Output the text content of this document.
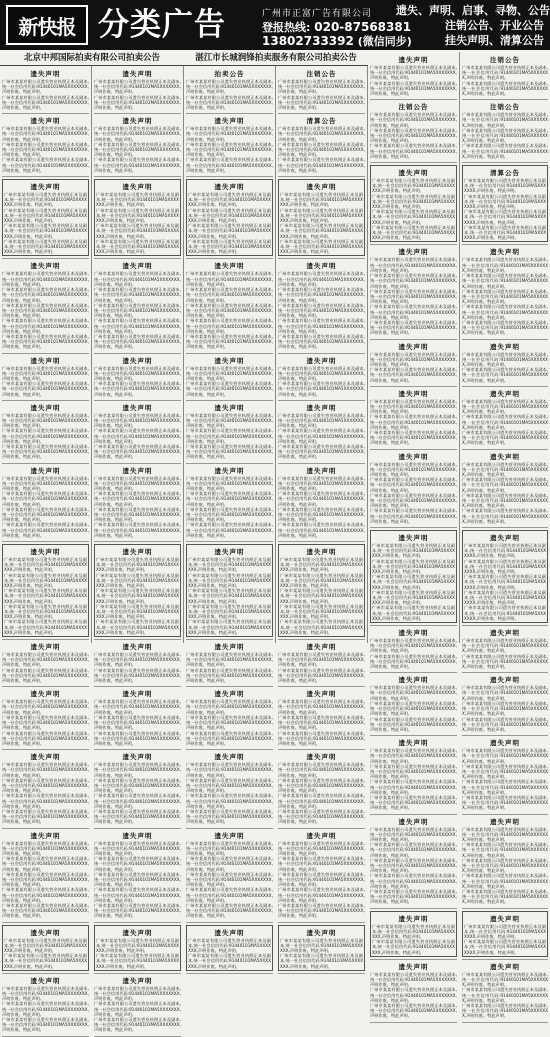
新快报 分类广告	广州市正富广告有限公司
登报热线: 020-87568381
13802733392 (微信同步)
遗失、声明、启事、寻物、公告
注销公告、开业公告
挂失声明、清算公告
北京中邦国际拍卖有限公司拍卖公告	湛江市长城润锋拍卖服务有限公司拍卖公告
遗失声明

广州市某某有限公司遗失营业执照正本及副本,统一社会信用代码:91440101MA5XXXXXXX,声明作废。特此声明。

广州市某某有限公司遗失营业执照正本及副本,统一社会信用代码:91440101MA5XXXXXXX,声明作废。特此声明。

遗失声明

广州市某某有限公司遗失营业执照正本及副本,统一社会信用代码:91440101MA5XXXXXXX,声明作废。特此声明。

广州市某某有限公司遗失营业执照正本及副本,统一社会信用代码:91440101MA5XXXXXXX,声明作废。特此声明。

广州市某某有限公司遗失营业执照正本及副本,统一社会信用代码:91440101MA5XXXXXXX,声明作废。特此声明。

遗失声明

广州市某某有限公司遗失营业执照正本及副本,统一社会信用代码:91440101MA5XXXXXXX,声明作废。特此声明。

广州市某某有限公司遗失营业执照正本及副本,统一社会信用代码:91440101MA5XXXXXXX,声明作废。特此声明。

广州市某某有限公司遗失营业执照正本及副本,统一社会信用代码:91440101MA5XXXXXXX,声明作废。特此声明。

广州市某某有限公司遗失营业执照正本及副本,统一社会信用代码:91440101MA5XXXXXXX,声明作废。特此声明。

遗失声明

广州市某某有限公司遗失营业执照正本及副本,统一社会信用代码:91440101MA5XXXXXXX,声明作废。特此声明。

广州市某某有限公司遗失营业执照正本及副本,统一社会信用代码:91440101MA5XXXXXXX,声明作废。特此声明。

广州市某某有限公司遗失营业执照正本及副本,统一社会信用代码:91440101MA5XXXXXXX,声明作废。特此声明。

广州市某某有限公司遗失营业执照正本及副本,统一社会信用代码:91440101MA5XXXXXXX,声明作废。特此声明。

广州市某某有限公司遗失营业执照正本及副本,统一社会信用代码:91440101MA5XXXXXXX,声明作废。特此声明。

遗失声明

广州市某某有限公司遗失营业执照正本及副本,统一社会信用代码:91440101MA5XXXXXXX,声明作废。特此声明。

广州市某某有限公司遗失营业执照正本及副本,统一社会信用代码:91440101MA5XXXXXXX,声明作废。特此声明。

遗失声明

广州市某某有限公司遗失营业执照正本及副本,统一社会信用代码:91440101MA5XXXXXXX,声明作废。特此声明。

广州市某某有限公司遗失营业执照正本及副本,统一社会信用代码:91440101MA5XXXXXXX,声明作废。特此声明。

广州市某某有限公司遗失营业执照正本及副本,统一社会信用代码:91440101MA5XXXXXXX,声明作废。特此声明。

遗失声明

广州市某某有限公司遗失营业执照正本及副本,统一社会信用代码:91440101MA5XXXXXXX,声明作废。特此声明。

广州市某某有限公司遗失营业执照正本及副本,统一社会信用代码:91440101MA5XXXXXXX,声明作废。特此声明。

广州市某某有限公司遗失营业执照正本及副本,统一社会信用代码:91440101MA5XXXXXXX,声明作废。特此声明。

广州市某某有限公司遗失营业执照正本及副本,统一社会信用代码:91440101MA5XXXXXXX,声明作废。特此声明。

遗失声明

广州市某某有限公司遗失营业执照正本及副本,统一社会信用代码:91440101MA5XXXXXXX,声明作废。特此声明。

广州市某某有限公司遗失营业执照正本及副本,统一社会信用代码:91440101MA5XXXXXXX,声明作废。特此声明。

广州市某某有限公司遗失营业执照正本及副本,统一社会信用代码:91440101MA5XXXXXXX,声明作废。特此声明。

广州市某某有限公司遗失营业执照正本及副本,统一社会信用代码:91440101MA5XXXXXXX,声明作废。特此声明。

广州市某某有限公司遗失营业执照正本及副本,统一社会信用代码:91440101MA5XXXXXXX,声明作废。特此声明。

遗失声明

广州市某某有限公司遗失营业执照正本及副本,统一社会信用代码:91440101MA5XXXXXXX,声明作废。特此声明。

广州市某某有限公司遗失营业执照正本及副本,统一社会信用代码:91440101MA5XXXXXXX,声明作废。特此声明。

遗失声明

广州市某某有限公司遗失营业执照正本及副本,统一社会信用代码:91440101MA5XXXXXXX,声明作废。特此声明。

广州市某某有限公司遗失营业执照正本及副本,统一社会信用代码:91440101MA5XXXXXXX,声明作废。特此声明。

广州市某某有限公司遗失营业执照正本及副本,统一社会信用代码:91440101MA5XXXXXXX,声明作废。特此声明。

遗失声明

广州市某某有限公司遗失营业执照正本及副本,统一社会信用代码:91440101MA5XXXXXXX,声明作废。特此声明。

广州市某某有限公司遗失营业执照正本及副本,统一社会信用代码:91440101MA5XXXXXXX,声明作废。特此声明。

广州市某某有限公司遗失营业执照正本及副本,统一社会信用代码:91440101MA5XXXXXXX,声明作废。特此声明。

广州市某某有限公司遗失营业执照正本及副本,统一社会信用代码:91440101MA5XXXXXXX,声明作废。特此声明。

遗失声明

广州市某某有限公司遗失营业执照正本及副本,统一社会信用代码:91440101MA5XXXXXXX,声明作废。特此声明。

广州市某某有限公司遗失营业执照正本及副本,统一社会信用代码:91440101MA5XXXXXXX,声明作废。特此声明。

广州市某某有限公司遗失营业执照正本及副本,统一社会信用代码:91440101MA5XXXXXXX,声明作废。特此声明。

广州市某某有限公司遗失营业执照正本及副本,统一社会信用代码:91440101MA5XXXXXXX,声明作废。特此声明。

广州市某某有限公司遗失营业执照正本及副本,统一社会信用代码:91440101MA5XXXXXXX,声明作废。特此声明。

遗失声明

广州市某某有限公司遗失营业执照正本及副本,统一社会信用代码:91440101MA5XXXXXXX,声明作废。特此声明。

广州市某某有限公司遗失营业执照正本及副本,统一社会信用代码:91440101MA5XXXXXXX,声明作废。特此声明。

遗失声明

广州市某某有限公司遗失营业执照正本及副本,统一社会信用代码:91440101MA5XXXXXXX,声明作废。特此声明。

广州市某某有限公司遗失营业执照正本及副本,统一社会信用代码:91440101MA5XXXXXXX,声明作废。特此声明。

广州市某某有限公司遗失营业执照正本及副本,统一社会信用代码:91440101MA5XXXXXXX,声明作废。特此声明。

遗失声明

广州市某某有限公司遗失营业执照正本及副本,统一社会信用代码:91440101MA5XXXXXXX,声明作废。特此声明。

广州市某某有限公司遗失营业执照正本及副本,统一社会信用代码:91440101MA5XXXXXXX,声明作废。特此声明。

遗失声明

广州市某某有限公司遗失营业执照正本及副本,统一社会信用代码:91440101MA5XXXXXXX,声明作废。特此声明。

广州市某某有限公司遗失营业执照正本及副本,统一社会信用代码:91440101MA5XXXXXXX,声明作废。特此声明。

广州市某某有限公司遗失营业执照正本及副本,统一社会信用代码:91440101MA5XXXXXXX,声明作废。特此声明。

遗失声明

广州市某某有限公司遗失营业执照正本及副本,统一社会信用代码:91440101MA5XXXXXXX,声明作废。特此声明。

广州市某某有限公司遗失营业执照正本及副本,统一社会信用代码:91440101MA5XXXXXXX,声明作废。特此声明。

广州市某某有限公司遗失营业执照正本及副本,统一社会信用代码:91440101MA5XXXXXXX,声明作废。特此声明。

广州市某某有限公司遗失营业执照正本及副本,统一社会信用代码:91440101MA5XXXXXXX,声明作废。特此声明。

遗失声明

广州市某某有限公司遗失营业执照正本及副本,统一社会信用代码:91440101MA5XXXXXXX,声明作废。特此声明。

广州市某某有限公司遗失营业执照正本及副本,统一社会信用代码:91440101MA5XXXXXXX,声明作废。特此声明。

广州市某某有限公司遗失营业执照正本及副本,统一社会信用代码:91440101MA5XXXXXXX,声明作废。特此声明。

广州市某某有限公司遗失营业执照正本及副本,统一社会信用代码:91440101MA5XXXXXXX,声明作废。特此声明。

广州市某某有限公司遗失营业执照正本及副本,统一社会信用代码:91440101MA5XXXXXXX,声明作废。特此声明。

遗失声明

广州市某某有限公司遗失营业执照正本及副本,统一社会信用代码:91440101MA5XXXXXXX,声明作废。特此声明。

广州市某某有限公司遗失营业执照正本及副本,统一社会信用代码:91440101MA5XXXXXXX,声明作废。特此声明。

遗失声明

广州市某某有限公司遗失营业执照正本及副本,统一社会信用代码:91440101MA5XXXXXXX,声明作废。特此声明。

广州市某某有限公司遗失营业执照正本及副本,统一社会信用代码:91440101MA5XXXXXXX,声明作废。特此声明。

广州市某某有限公司遗失营业执照正本及副本,统一社会信用代码:91440101MA5XXXXXXX,声明作废。特此声明。

遗失声明

广州市某某有限公司遗失营业执照正本及副本,统一社会信用代码:91440101MA5XXXXXXX,声明作废。特此声明。

广州市某某有限公司遗失营业执照正本及副本,统一社会信用代码:91440101MA5XXXXXXX,声明作废。特此声明。

广州市某某有限公司遗失营业执照正本及副本,统一社会信用代码:91440101MA5XXXXXXX,声明作废。特此声明。

广州市某某有限公司遗失营业执照正本及副本,统一社会信用代码:91440101MA5XXXXXXX,声明作废。特此声明。

遗失声明

广州市某某有限公司遗失营业执照正本及副本,统一社会信用代码:91440101MA5XXXXXXX,声明作废。特此声明。

广州市某某有限公司遗失营业执照正本及副本,统一社会信用代码:91440101MA5XXXXXXX,声明作废。特此声明。

广州市某某有限公司遗失营业执照正本及副本,统一社会信用代码:91440101MA5XXXXXXX,声明作废。特此声明。

广州市某某有限公司遗失营业执照正本及副本,统一社会信用代码:91440101MA5XXXXXXX,声明作废。特此声明。

广州市某某有限公司遗失营业执照正本及副本,统一社会信用代码:91440101MA5XXXXXXX,声明作废。特此声明。

遗失声明

广州市某某有限公司遗失营业执照正本及副本,统一社会信用代码:91440101MA5XXXXXXX,声明作废。特此声明。

广州市某某有限公司遗失营业执照正本及副本,统一社会信用代码:91440101MA5XXXXXXX,声明作废。特此声明。

遗失声明

广州市某某有限公司遗失营业执照正本及副本,统一社会信用代码:91440101MA5XXXXXXX,声明作废。特此声明。

广州市某某有限公司遗失营业执照正本及副本,统一社会信用代码:91440101MA5XXXXXXX,声明作废。特此声明。

广州市某某有限公司遗失营业执照正本及副本,统一社会信用代码:91440101MA5XXXXXXX,声明作废。特此声明。

遗失声明

广州市某某有限公司遗失营业执照正本及副本,统一社会信用代码:91440101MA5XXXXXXX,声明作废。特此声明。

广州市某某有限公司遗失营业执照正本及副本,统一社会信用代码:91440101MA5XXXXXXX,声明作废。特此声明。

广州市某某有限公司遗失营业执照正本及副本,统一社会信用代码:91440101MA5XXXXXXX,声明作废。特此声明。

广州市某某有限公司遗失营业执照正本及副本,统一社会信用代码:91440101MA5XXXXXXX,声明作废。特此声明。

遗失声明

广州市某某有限公司遗失营业执照正本及副本,统一社会信用代码:91440101MA5XXXXXXX,声明作废。特此声明。

广州市某某有限公司遗失营业执照正本及副本,统一社会信用代码:91440101MA5XXXXXXX,声明作废。特此声明。

广州市某某有限公司遗失营业执照正本及副本,统一社会信用代码:91440101MA5XXXXXXX,声明作废。特此声明。

广州市某某有限公司遗失营业执照正本及副本,统一社会信用代码:91440101MA5XXXXXXX,声明作废。特此声明。

广州市某某有限公司遗失营业执照正本及副本,统一社会信用代码:91440101MA5XXXXXXX,声明作废。特此声明。

遗失声明

广州市某某有限公司遗失营业执照正本及副本,统一社会信用代码:91440101MA5XXXXXXX,声明作废。特此声明。

广州市某某有限公司遗失营业执照正本及副本,统一社会信用代码:91440101MA5XXXXXXX,声明作废。特此声明。

遗失声明

广州市某某有限公司遗失营业执照正本及副本,统一社会信用代码:91440101MA5XXXXXXX,声明作废。特此声明。

广州市某某有限公司遗失营业执照正本及副本,统一社会信用代码:91440101MA5XXXXXXX,声明作废。特此声明。

广州市某某有限公司遗失营业执照正本及副本,统一社会信用代码:91440101MA5XXXXXXX,声明作废。特此声明。

拍卖公告

广州市某某有限公司遗失营业执照正本及副本,统一社会信用代码:91440101MA5XXXXXXX,声明作废。特此声明。

广州市某某有限公司遗失营业执照正本及副本,统一社会信用代码:91440101MA5XXXXXXX,声明作废。特此声明。

遗失声明

广州市某某有限公司遗失营业执照正本及副本,统一社会信用代码:91440101MA5XXXXXXX,声明作废。特此声明。

广州市某某有限公司遗失营业执照正本及副本,统一社会信用代码:91440101MA5XXXXXXX,声明作废。特此声明。

广州市某某有限公司遗失营业执照正本及副本,统一社会信用代码:91440101MA5XXXXXXX,声明作废。特此声明。

遗失声明

广州市某某有限公司遗失营业执照正本及副本,统一社会信用代码:91440101MA5XXXXXXX,声明作废。特此声明。

广州市某某有限公司遗失营业执照正本及副本,统一社会信用代码:91440101MA5XXXXXXX,声明作废。特此声明。

广州市某某有限公司遗失营业执照正本及副本,统一社会信用代码:91440101MA5XXXXXXX,声明作废。特此声明。

广州市某某有限公司遗失营业执照正本及副本,统一社会信用代码:91440101MA5XXXXXXX,声明作废。特此声明。

遗失声明

广州市某某有限公司遗失营业执照正本及副本,统一社会信用代码:91440101MA5XXXXXXX,声明作废。特此声明。

广州市某某有限公司遗失营业执照正本及副本,统一社会信用代码:91440101MA5XXXXXXX,声明作废。特此声明。

广州市某某有限公司遗失营业执照正本及副本,统一社会信用代码:91440101MA5XXXXXXX,声明作废。特此声明。

广州市某某有限公司遗失营业执照正本及副本,统一社会信用代码:91440101MA5XXXXXXX,声明作废。特此声明。

广州市某某有限公司遗失营业执照正本及副本,统一社会信用代码:91440101MA5XXXXXXX,声明作废。特此声明。

遗失声明

广州市某某有限公司遗失营业执照正本及副本,统一社会信用代码:91440101MA5XXXXXXX,声明作废。特此声明。

广州市某某有限公司遗失营业执照正本及副本,统一社会信用代码:91440101MA5XXXXXXX,声明作废。特此声明。

遗失声明

广州市某某有限公司遗失营业执照正本及副本,统一社会信用代码:91440101MA5XXXXXXX,声明作废。特此声明。

广州市某某有限公司遗失营业执照正本及副本,统一社会信用代码:91440101MA5XXXXXXX,声明作废。特此声明。

广州市某某有限公司遗失营业执照正本及副本,统一社会信用代码:91440101MA5XXXXXXX,声明作废。特此声明。

遗失声明

广州市某某有限公司遗失营业执照正本及副本,统一社会信用代码:91440101MA5XXXXXXX,声明作废。特此声明。

广州市某某有限公司遗失营业执照正本及副本,统一社会信用代码:91440101MA5XXXXXXX,声明作废。特此声明。

广州市某某有限公司遗失营业执照正本及副本,统一社会信用代码:91440101MA5XXXXXXX,声明作废。特此声明。

广州市某某有限公司遗失营业执照正本及副本,统一社会信用代码:91440101MA5XXXXXXX,声明作废。特此声明。

遗失声明

广州市某某有限公司遗失营业执照正本及副本,统一社会信用代码:91440101MA5XXXXXXX,声明作废。特此声明。

广州市某某有限公司遗失营业执照正本及副本,统一社会信用代码:91440101MA5XXXXXXX,声明作废。特此声明。

广州市某某有限公司遗失营业执照正本及副本,统一社会信用代码:91440101MA5XXXXXXX,声明作废。特此声明。

广州市某某有限公司遗失营业执照正本及副本,统一社会信用代码:91440101MA5XXXXXXX,声明作废。特此声明。

广州市某某有限公司遗失营业执照正本及副本,统一社会信用代码:91440101MA5XXXXXXX,声明作废。特此声明。

遗失声明

广州市某某有限公司遗失营业执照正本及副本,统一社会信用代码:91440101MA5XXXXXXX,声明作废。特此声明。

广州市某某有限公司遗失营业执照正本及副本,统一社会信用代码:91440101MA5XXXXXXX,声明作废。特此声明。

遗失声明

广州市某某有限公司遗失营业执照正本及副本,统一社会信用代码:91440101MA5XXXXXXX,声明作废。特此声明。

广州市某某有限公司遗失营业执照正本及副本,统一社会信用代码:91440101MA5XXXXXXX,声明作废。特此声明。

广州市某某有限公司遗失营业执照正本及副本,统一社会信用代码:91440101MA5XXXXXXX,声明作废。特此声明。

遗失声明

广州市某某有限公司遗失营业执照正本及副本,统一社会信用代码:91440101MA5XXXXXXX,声明作废。特此声明。

广州市某某有限公司遗失营业执照正本及副本,统一社会信用代码:91440101MA5XXXXXXX,声明作废。特此声明。

广州市某某有限公司遗失营业执照正本及副本,统一社会信用代码:91440101MA5XXXXXXX,声明作废。特此声明。

广州市某某有限公司遗失营业执照正本及副本,统一社会信用代码:91440101MA5XXXXXXX,声明作废。特此声明。

遗失声明

广州市某某有限公司遗失营业执照正本及副本,统一社会信用代码:91440101MA5XXXXXXX,声明作废。特此声明。

广州市某某有限公司遗失营业执照正本及副本,统一社会信用代码:91440101MA5XXXXXXX,声明作废。特此声明。

广州市某某有限公司遗失营业执照正本及副本,统一社会信用代码:91440101MA5XXXXXXX,声明作废。特此声明。

广州市某某有限公司遗失营业执照正本及副本,统一社会信用代码:91440101MA5XXXXXXX,声明作废。特此声明。

广州市某某有限公司遗失营业执照正本及副本,统一社会信用代码:91440101MA5XXXXXXX,声明作废。特此声明。

遗失声明

广州市某某有限公司遗失营业执照正本及副本,统一社会信用代码:91440101MA5XXXXXXX,声明作废。特此声明。

广州市某某有限公司遗失营业执照正本及副本,统一社会信用代码:91440101MA5XXXXXXX,声明作废。特此声明。

注销公告

广州市某某有限公司遗失营业执照正本及副本,统一社会信用代码:91440101MA5XXXXXXX,声明作废。特此声明。

广州市某某有限公司遗失营业执照正本及副本,统一社会信用代码:91440101MA5XXXXXXX,声明作废。特此声明。

清算公告

广州市某某有限公司遗失营业执照正本及副本,统一社会信用代码:91440101MA5XXXXXXX,声明作废。特此声明。

广州市某某有限公司遗失营业执照正本及副本,统一社会信用代码:91440101MA5XXXXXXX,声明作废。特此声明。

广州市某某有限公司遗失营业执照正本及副本,统一社会信用代码:91440101MA5XXXXXXX,声明作废。特此声明。

遗失声明

广州市某某有限公司遗失营业执照正本及副本,统一社会信用代码:91440101MA5XXXXXXX,声明作废。特此声明。

广州市某某有限公司遗失营业执照正本及副本,统一社会信用代码:91440101MA5XXXXXXX,声明作废。特此声明。

广州市某某有限公司遗失营业执照正本及副本,统一社会信用代码:91440101MA5XXXXXXX,声明作废。特此声明。

广州市某某有限公司遗失营业执照正本及副本,统一社会信用代码:91440101MA5XXXXXXX,声明作废。特此声明。

遗失声明

广州市某某有限公司遗失营业执照正本及副本,统一社会信用代码:91440101MA5XXXXXXX,声明作废。特此声明。

广州市某某有限公司遗失营业执照正本及副本,统一社会信用代码:91440101MA5XXXXXXX,声明作废。特此声明。

广州市某某有限公司遗失营业执照正本及副本,统一社会信用代码:91440101MA5XXXXXXX,声明作废。特此声明。

广州市某某有限公司遗失营业执照正本及副本,统一社会信用代码:91440101MA5XXXXXXX,声明作废。特此声明。

广州市某某有限公司遗失营业执照正本及副本,统一社会信用代码:91440101MA5XXXXXXX,声明作废。特此声明。

遗失声明

广州市某某有限公司遗失营业执照正本及副本,统一社会信用代码:91440101MA5XXXXXXX,声明作废。特此声明。

广州市某某有限公司遗失营业执照正本及副本,统一社会信用代码:91440101MA5XXXXXXX,声明作废。特此声明。

遗失声明

广州市某某有限公司遗失营业执照正本及副本,统一社会信用代码:91440101MA5XXXXXXX,声明作废。特此声明。

广州市某某有限公司遗失营业执照正本及副本,统一社会信用代码:91440101MA5XXXXXXX,声明作废。特此声明。

广州市某某有限公司遗失营业执照正本及副本,统一社会信用代码:91440101MA5XXXXXXX,声明作废。特此声明。

遗失声明

广州市某某有限公司遗失营业执照正本及副本,统一社会信用代码:91440101MA5XXXXXXX,声明作废。特此声明。

广州市某某有限公司遗失营业执照正本及副本,统一社会信用代码:91440101MA5XXXXXXX,声明作废。特此声明。

广州市某某有限公司遗失营业执照正本及副本,统一社会信用代码:91440101MA5XXXXXXX,声明作废。特此声明。

广州市某某有限公司遗失营业执照正本及副本,统一社会信用代码:91440101MA5XXXXXXX,声明作废。特此声明。

遗失声明

广州市某某有限公司遗失营业执照正本及副本,统一社会信用代码:91440101MA5XXXXXXX,声明作废。特此声明。

广州市某某有限公司遗失营业执照正本及副本,统一社会信用代码:91440101MA5XXXXXXX,声明作废。特此声明。

广州市某某有限公司遗失营业执照正本及副本,统一社会信用代码:91440101MA5XXXXXXX,声明作废。特此声明。

广州市某某有限公司遗失营业执照正本及副本,统一社会信用代码:91440101MA5XXXXXXX,声明作废。特此声明。

广州市某某有限公司遗失营业执照正本及副本,统一社会信用代码:91440101MA5XXXXXXX,声明作废。特此声明。

遗失声明

广州市某某有限公司遗失营业执照正本及副本,统一社会信用代码:91440101MA5XXXXXXX,声明作废。特此声明。

广州市某某有限公司遗失营业执照正本及副本,统一社会信用代码:91440101MA5XXXXXXX,声明作废。特此声明。

遗失声明

广州市某某有限公司遗失营业执照正本及副本,统一社会信用代码:91440101MA5XXXXXXX,声明作废。特此声明。

广州市某某有限公司遗失营业执照正本及副本,统一社会信用代码:91440101MA5XXXXXXX,声明作废。特此声明。

广州市某某有限公司遗失营业执照正本及副本,统一社会信用代码:91440101MA5XXXXXXX,声明作废。特此声明。

遗失声明

广州市某某有限公司遗失营业执照正本及副本,统一社会信用代码:91440101MA5XXXXXXX,声明作废。特此声明。

广州市某某有限公司遗失营业执照正本及副本,统一社会信用代码:91440101MA5XXXXXXX,声明作废。特此声明。

广州市某某有限公司遗失营业执照正本及副本,统一社会信用代码:91440101MA5XXXXXXX,声明作废。特此声明。

广州市某某有限公司遗失营业执照正本及副本,统一社会信用代码:91440101MA5XXXXXXX,声明作废。特此声明。

遗失声明

广州市某某有限公司遗失营业执照正本及副本,统一社会信用代码:91440101MA5XXXXXXX,声明作废。特此声明。

广州市某某有限公司遗失营业执照正本及副本,统一社会信用代码:91440101MA5XXXXXXX,声明作废。特此声明。

广州市某某有限公司遗失营业执照正本及副本,统一社会信用代码:91440101MA5XXXXXXX,声明作废。特此声明。

广州市某某有限公司遗失营业执照正本及副本,统一社会信用代码:91440101MA5XXXXXXX,声明作废。特此声明。

广州市某某有限公司遗失营业执照正本及副本,统一社会信用代码:91440101MA5XXXXXXX,声明作废。特此声明。

遗失声明

广州市某某有限公司遗失营业执照正本及副本,统一社会信用代码:91440101MA5XXXXXXX,声明作废。特此声明。

广州市某某有限公司遗失营业执照正本及副本,统一社会信用代码:91440101MA5XXXXXXX,声明作废。特此声明。

遗失声明

广州市某某有限公司遗失营业执照正本及副本,统一社会信用代码:91440101MA5XXXXXXX,声明作废。特此声明。

广州市某某有限公司遗失营业执照正本及副本,统一社会信用代码:91440101MA5XXXXXXX,声明作废。特此声明。

注销公告

广州市某某有限公司遗失营业执照正本及副本,统一社会信用代码:91440101MA5XXXXXXX,声明作废。特此声明。

广州市某某有限公司遗失营业执照正本及副本,统一社会信用代码:91440101MA5XXXXXXX,声明作废。特此声明。

广州市某某有限公司遗失营业执照正本及副本,统一社会信用代码:91440101MA5XXXXXXX,声明作废。特此声明。

遗失声明

广州市某某有限公司遗失营业执照正本及副本,统一社会信用代码:91440101MA5XXXXXXX,声明作废。特此声明。

广州市某某有限公司遗失营业执照正本及副本,统一社会信用代码:91440101MA5XXXXXXX,声明作废。特此声明。

广州市某某有限公司遗失营业执照正本及副本,统一社会信用代码:91440101MA5XXXXXXX,声明作废。特此声明。

广州市某某有限公司遗失营业执照正本及副本,统一社会信用代码:91440101MA5XXXXXXX,声明作废。特此声明。

遗失声明

广州市某某有限公司遗失营业执照正本及副本,统一社会信用代码:91440101MA5XXXXXXX,声明作废。特此声明。

广州市某某有限公司遗失营业执照正本及副本,统一社会信用代码:91440101MA5XXXXXXX,声明作废。特此声明。

广州市某某有限公司遗失营业执照正本及副本,统一社会信用代码:91440101MA5XXXXXXX,声明作废。特此声明。

广州市某某有限公司遗失营业执照正本及副本,统一社会信用代码:91440101MA5XXXXXXX,声明作废。特此声明。

广州市某某有限公司遗失营业执照正本及副本,统一社会信用代码:91440101MA5XXXXXXX,声明作废。特此声明。

遗失声明

广州市某某有限公司遗失营业执照正本及副本,统一社会信用代码:91440101MA5XXXXXXX,声明作废。特此声明。

广州市某某有限公司遗失营业执照正本及副本,统一社会信用代码:91440101MA5XXXXXXX,声明作废。特此声明。

遗失声明

广州市某某有限公司遗失营业执照正本及副本,统一社会信用代码:91440101MA5XXXXXXX,声明作废。特此声明。

广州市某某有限公司遗失营业执照正本及副本,统一社会信用代码:91440101MA5XXXXXXX,声明作废。特此声明。

广州市某某有限公司遗失营业执照正本及副本,统一社会信用代码:91440101MA5XXXXXXX,声明作废。特此声明。

遗失声明

广州市某某有限公司遗失营业执照正本及副本,统一社会信用代码:91440101MA5XXXXXXX,声明作废。特此声明。

广州市某某有限公司遗失营业执照正本及副本,统一社会信用代码:91440101MA5XXXXXXX,声明作废。特此声明。

广州市某某有限公司遗失营业执照正本及副本,统一社会信用代码:91440101MA5XXXXXXX,声明作废。特此声明。

广州市某某有限公司遗失营业执照正本及副本,统一社会信用代码:91440101MA5XXXXXXX,声明作废。特此声明。

遗失声明

广州市某某有限公司遗失营业执照正本及副本,统一社会信用代码:91440101MA5XXXXXXX,声明作废。特此声明。

广州市某某有限公司遗失营业执照正本及副本,统一社会信用代码:91440101MA5XXXXXXX,声明作废。特此声明。

广州市某某有限公司遗失营业执照正本及副本,统一社会信用代码:91440101MA5XXXXXXX,声明作废。特此声明。

广州市某某有限公司遗失营业执照正本及副本,统一社会信用代码:91440101MA5XXXXXXX,声明作废。特此声明。

广州市某某有限公司遗失营业执照正本及副本,统一社会信用代码:91440101MA5XXXXXXX,声明作废。特此声明。

遗失声明

广州市某某有限公司遗失营业执照正本及副本,统一社会信用代码:91440101MA5XXXXXXX,声明作废。特此声明。

广州市某某有限公司遗失营业执照正本及副本,统一社会信用代码:91440101MA5XXXXXXX,声明作废。特此声明。

遗失声明

广州市某某有限公司遗失营业执照正本及副本,统一社会信用代码:91440101MA5XXXXXXX,声明作废。特此声明。

广州市某某有限公司遗失营业执照正本及副本,统一社会信用代码:91440101MA5XXXXXXX,声明作废。特此声明。

广州市某某有限公司遗失营业执照正本及副本,统一社会信用代码:91440101MA5XXXXXXX,声明作废。特此声明。

遗失声明

广州市某某有限公司遗失营业执照正本及副本,统一社会信用代码:91440101MA5XXXXXXX,声明作废。特此声明。

广州市某某有限公司遗失营业执照正本及副本,统一社会信用代码:91440101MA5XXXXXXX,声明作废。特此声明。

广州市某某有限公司遗失营业执照正本及副本,统一社会信用代码:91440101MA5XXXXXXX,声明作废。特此声明。

广州市某某有限公司遗失营业执照正本及副本,统一社会信用代码:91440101MA5XXXXXXX,声明作废。特此声明。

遗失声明

广州市某某有限公司遗失营业执照正本及副本,统一社会信用代码:91440101MA5XXXXXXX,声明作废。特此声明。

广州市某某有限公司遗失营业执照正本及副本,统一社会信用代码:91440101MA5XXXXXXX,声明作废。特此声明。

广州市某某有限公司遗失营业执照正本及副本,统一社会信用代码:91440101MA5XXXXXXX,声明作废。特此声明。

广州市某某有限公司遗失营业执照正本及副本,统一社会信用代码:91440101MA5XXXXXXX,声明作废。特此声明。

广州市某某有限公司遗失营业执照正本及副本,统一社会信用代码:91440101MA5XXXXXXX,声明作废。特此声明。

遗失声明

广州市某某有限公司遗失营业执照正本及副本,统一社会信用代码:91440101MA5XXXXXXX,声明作废。特此声明。

广州市某某有限公司遗失营业执照正本及副本,统一社会信用代码:91440101MA5XXXXXXX,声明作废。特此声明。

遗失声明

广州市某某有限公司遗失营业执照正本及副本,统一社会信用代码:91440101MA5XXXXXXX,声明作废。特此声明。

广州市某某有限公司遗失营业执照正本及副本,统一社会信用代码:91440101MA5XXXXXXX,声明作废。特此声明。

广州市某某有限公司遗失营业执照正本及副本,统一社会信用代码:91440101MA5XXXXXXX,声明作废。特此声明。

注销公告

广州市某某有限公司遗失营业执照正本及副本,统一社会信用代码:91440101MA5XXXXXXX,声明作废。特此声明。

广州市某某有限公司遗失营业执照正本及副本,统一社会信用代码:91440101MA5XXXXXXX,声明作废。特此声明。

注销公告

广州市某某有限公司遗失营业执照正本及副本,统一社会信用代码:91440101MA5XXXXXXX,声明作废。特此声明。

广州市某某有限公司遗失营业执照正本及副本,统一社会信用代码:91440101MA5XXXXXXX,声明作废。特此声明。

广州市某某有限公司遗失营业执照正本及副本,统一社会信用代码:91440101MA5XXXXXXX,声明作废。特此声明。

清算公告

广州市某某有限公司遗失营业执照正本及副本,统一社会信用代码:91440101MA5XXXXXXX,声明作废。特此声明。

广州市某某有限公司遗失营业执照正本及副本,统一社会信用代码:91440101MA5XXXXXXX,声明作废。特此声明。

广州市某某有限公司遗失营业执照正本及副本,统一社会信用代码:91440101MA5XXXXXXX,声明作废。特此声明。

广州市某某有限公司遗失营业执照正本及副本,统一社会信用代码:91440101MA5XXXXXXX,声明作废。特此声明。

遗失声明

广州市某某有限公司遗失营业执照正本及副本,统一社会信用代码:91440101MA5XXXXXXX,声明作废。特此声明。

广州市某某有限公司遗失营业执照正本及副本,统一社会信用代码:91440101MA5XXXXXXX,声明作废。特此声明。

广州市某某有限公司遗失营业执照正本及副本,统一社会信用代码:91440101MA5XXXXXXX,声明作废。特此声明。

广州市某某有限公司遗失营业执照正本及副本,统一社会信用代码:91440101MA5XXXXXXX,声明作废。特此声明。

广州市某某有限公司遗失营业执照正本及副本,统一社会信用代码:91440101MA5XXXXXXX,声明作废。特此声明。

遗失声明

广州市某某有限公司遗失营业执照正本及副本,统一社会信用代码:91440101MA5XXXXXXX,声明作废。特此声明。

广州市某某有限公司遗失营业执照正本及副本,统一社会信用代码:91440101MA5XXXXXXX,声明作废。特此声明。

遗失声明

广州市某某有限公司遗失营业执照正本及副本,统一社会信用代码:91440101MA5XXXXXXX,声明作废。特此声明。

广州市某某有限公司遗失营业执照正本及副本,统一社会信用代码:91440101MA5XXXXXXX,声明作废。特此声明。

广州市某某有限公司遗失营业执照正本及副本,统一社会信用代码:91440101MA5XXXXXXX,声明作废。特此声明。

遗失声明

广州市某某有限公司遗失营业执照正本及副本,统一社会信用代码:91440101MA5XXXXXXX,声明作废。特此声明。

广州市某某有限公司遗失营业执照正本及副本,统一社会信用代码:91440101MA5XXXXXXX,声明作废。特此声明。

广州市某某有限公司遗失营业执照正本及副本,统一社会信用代码:91440101MA5XXXXXXX,声明作废。特此声明。

广州市某某有限公司遗失营业执照正本及副本,统一社会信用代码:91440101MA5XXXXXXX,声明作废。特此声明。

遗失声明

广州市某某有限公司遗失营业执照正本及副本,统一社会信用代码:91440101MA5XXXXXXX,声明作废。特此声明。

广州市某某有限公司遗失营业执照正本及副本,统一社会信用代码:91440101MA5XXXXXXX,声明作废。特此声明。

广州市某某有限公司遗失营业执照正本及副本,统一社会信用代码:91440101MA5XXXXXXX,声明作废。特此声明。

广州市某某有限公司遗失营业执照正本及副本,统一社会信用代码:91440101MA5XXXXXXX,声明作废。特此声明。

广州市某某有限公司遗失营业执照正本及副本,统一社会信用代码:91440101MA5XXXXXXX,声明作废。特此声明。

遗失声明

广州市某某有限公司遗失营业执照正本及副本,统一社会信用代码:91440101MA5XXXXXXX,声明作废。特此声明。

广州市某某有限公司遗失营业执照正本及副本,统一社会信用代码:91440101MA5XXXXXXX,声明作废。特此声明。

遗失声明

广州市某某有限公司遗失营业执照正本及副本,统一社会信用代码:91440101MA5XXXXXXX,声明作废。特此声明。

广州市某某有限公司遗失营业执照正本及副本,统一社会信用代码:91440101MA5XXXXXXX,声明作废。特此声明。

广州市某某有限公司遗失营业执照正本及副本,统一社会信用代码:91440101MA5XXXXXXX,声明作废。特此声明。

遗失声明

广州市某某有限公司遗失营业执照正本及副本,统一社会信用代码:91440101MA5XXXXXXX,声明作废。特此声明。

广州市某某有限公司遗失营业执照正本及副本,统一社会信用代码:91440101MA5XXXXXXX,声明作废。特此声明。

广州市某某有限公司遗失营业执照正本及副本,统一社会信用代码:91440101MA5XXXXXXX,声明作废。特此声明。

广州市某某有限公司遗失营业执照正本及副本,统一社会信用代码:91440101MA5XXXXXXX,声明作废。特此声明。

遗失声明

广州市某某有限公司遗失营业执照正本及副本,统一社会信用代码:91440101MA5XXXXXXX,声明作废。特此声明。

广州市某某有限公司遗失营业执照正本及副本,统一社会信用代码:91440101MA5XXXXXXX,声明作废。特此声明。

广州市某某有限公司遗失营业执照正本及副本,统一社会信用代码:91440101MA5XXXXXXX,声明作废。特此声明。

广州市某某有限公司遗失营业执照正本及副本,统一社会信用代码:91440101MA5XXXXXXX,声明作废。特此声明。

广州市某某有限公司遗失营业执照正本及副本,统一社会信用代码:91440101MA5XXXXXXX,声明作废。特此声明。

遗失声明

广州市某某有限公司遗失营业执照正本及副本,统一社会信用代码:91440101MA5XXXXXXX,声明作废。特此声明。

广州市某某有限公司遗失营业执照正本及副本,统一社会信用代码:91440101MA5XXXXXXX,声明作废。特此声明。

遗失声明

广州市某某有限公司遗失营业执照正本及副本,统一社会信用代码:91440101MA5XXXXXXX,声明作废。特此声明。

广州市某某有限公司遗失营业执照正本及副本,统一社会信用代码:91440101MA5XXXXXXX,声明作废。特此声明。

广州市某某有限公司遗失营业执照正本及副本,统一社会信用代码:91440101MA5XXXXXXX,声明作废。特此声明。
